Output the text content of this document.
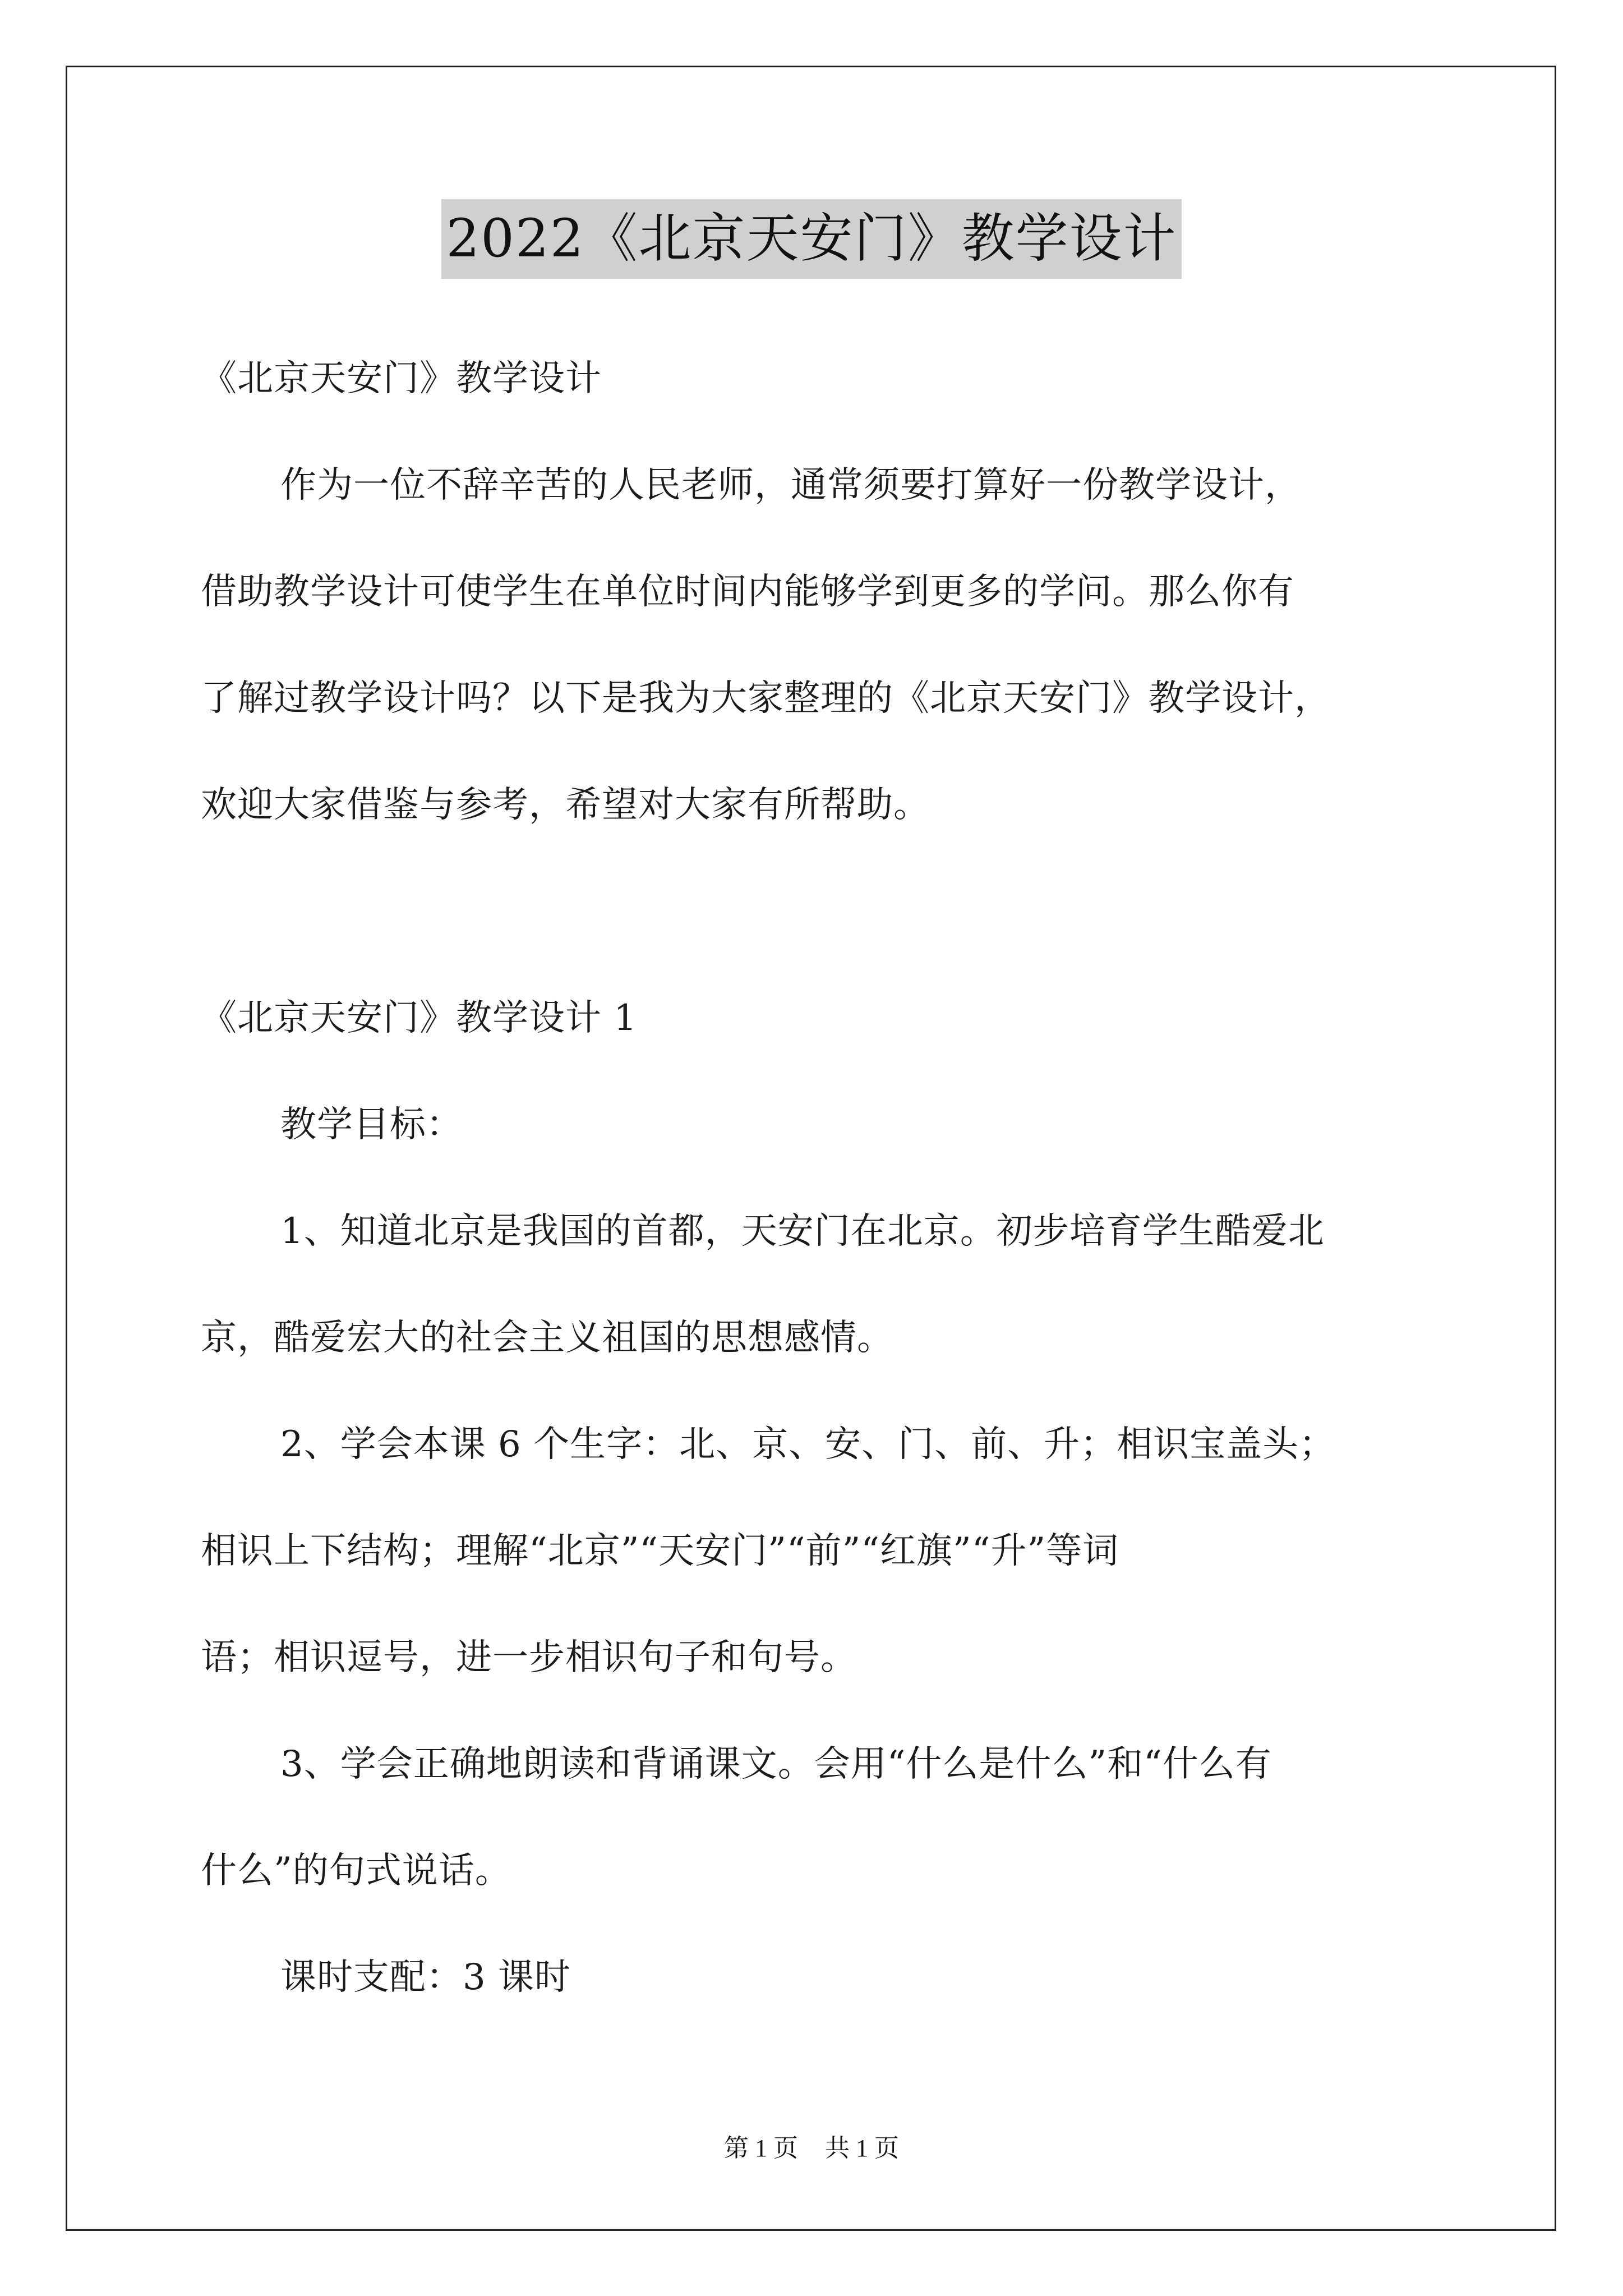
2022《北京天安门》教学设计
《北京天安门》教学设计
作为一位不辞辛苦的人民老师，通常须要打算好一份教学设计，
借助教学设计可使学生在单位时间内能够学到更多的学问。那么你有
了解过教学设计吗？以下是我为大家整理的《北京天安门》教学设计，
欢迎大家借鉴与参考，希望对大家有所帮助。
《北京天安门》教学设计 1
教学目标：
1、知道北京是我国的首都，天安门在北京。初步培育学生酷爱北
京，酷爱宏大的社会主义祖国的思想感情。
2、学会本课 6 个生字：北、京、安、门、前、升；相识宝盖头；
相识上下结构；理解“北京”“天安门”“前”“红旗”“升”等词
语；相识逗号，进一步相识句子和句号。
3、学会正确地朗读和背诵课文。会用“什么是什么”和“什么有
什么”的句式说话。
课时支配：3 课时
第 1 页 共 1 页
